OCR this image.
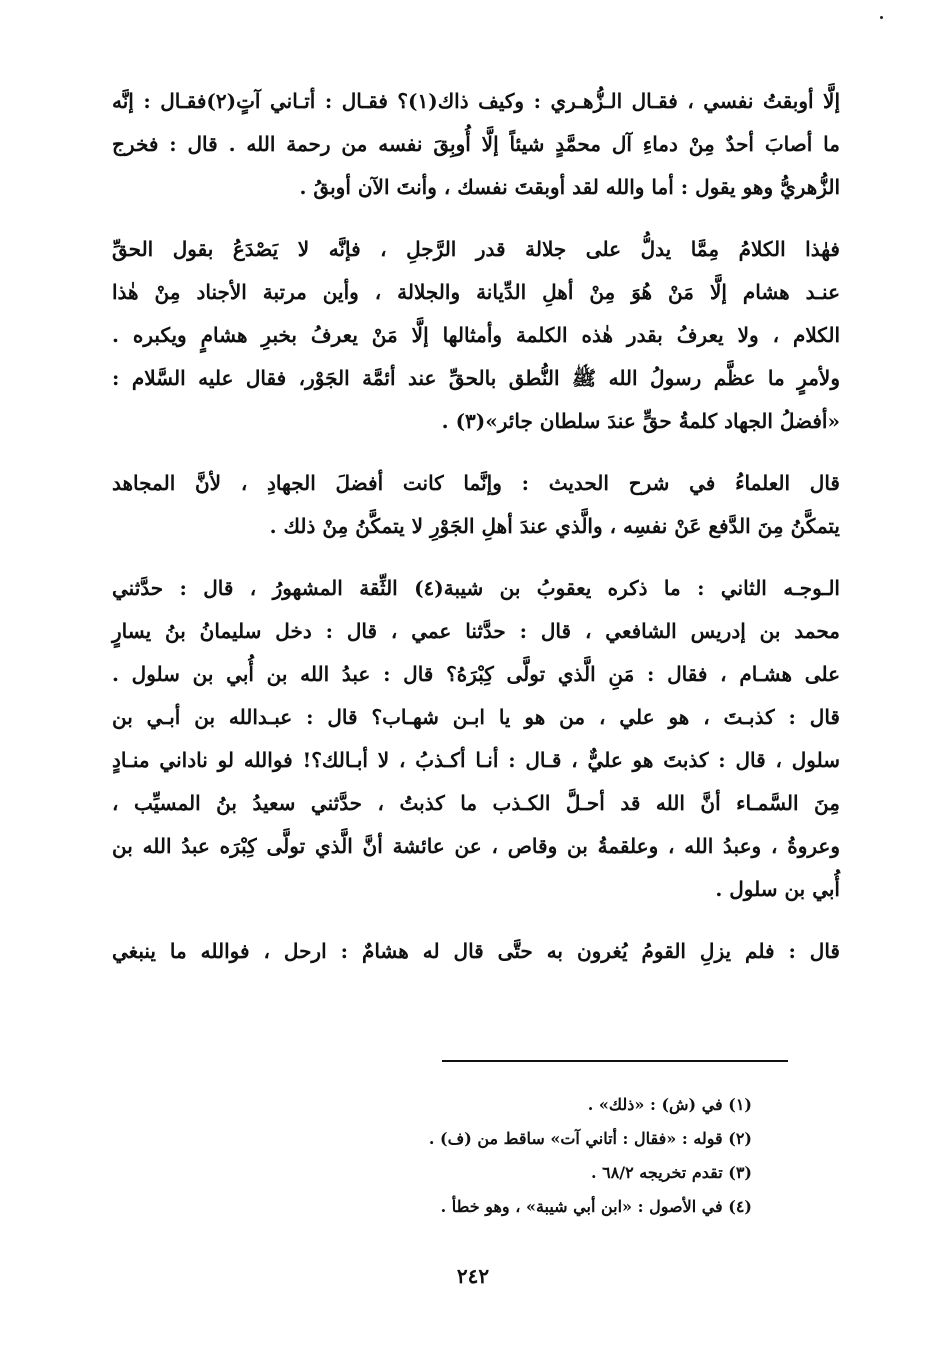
إلَّا أوبقتُ نفسي ، فقـال الـزُّهـري : وكيف ذاك(١)؟ فقـال : أتـاني آتٍ(٢)فقـال : إنَّه
ما أصابَ أحدٌ مِنْ دماءِ آل محمَّدٍ شيئاً إلَّا أُوبِقَ نفسه من رحمة الله . قال : فخرج
الزُّهريُّ وهو يقول : أما والله لقد أوبقتَ نفسك ، وأنتَ الآن أوبقُ .

فهٰذا الكلامُ مِمَّا يدلُّ على جلالة قدر الرَّجلِ ، فإنَّه لا يَصْدَعُ بقول الحقِّ
عنـد هشام إلَّا مَنْ هُوَ مِنْ أهلِ الدِّيانة والجلالة ، وأين مرتبة الأجناد مِنْ هٰذا
الكلام ، ولا يعرفُ بقدر هٰذه الكلمة وأمثالها إلَّا مَنْ يعرفُ بخبرِ هشامٍ ويكبره .
ولأمرٍ ما عظَّم رسولُ الله ﷺ النُّطق بالحقِّ عند أئمَّة الجَوْر، فقال عليه السَّلام :
«أفضلُ الجهاد كلمةُ حقٍّ عندَ سلطان جائر»(٣) .

قال العلماءُ في شرح الحديث : وإنَّما كانت أفضلَ الجهادِ ، لأنَّ المجاهد
يتمكَّنُ مِنَ الدَّفع عَنْ نفسِه ، والَّذي عندَ أهلِ الجَوْرِ لا يتمكَّنُ مِنْ ذلك .

الـوجـه الثاني : ما ذكره يعقوبُ بن شيبة(٤) الثِّقة المشهورُ ، قال : حدَّثني
محمد بن إدريس الشافعي ، قال : حدَّثنا عمي ، قال : دخل سليمانُ بنُ يسارٍ
على هشـام ، فقال : مَنِ الَّذي تولَّى كِبْرَهُ؟ قال : عبدُ الله بن أُبي بن سلول .
قال : كذبـتَ ، هو علي ، من هو يا ابـن شهـاب؟ قال : عبـدالله بن أبـي بن
سلول ، قال : كذبتَ هو عليٌّ ، قـال : أنـا أكـذبُ ، لا أبـالك؟! فوالله لو ناداني منـادٍ
مِنَ السَّمـاء أنَّ الله قد أحـلَّ الكـذب ما كذبتُ ، حدَّثني سعيدُ بنُ المسيِّب ،
وعروةُ ، وعبدُ الله ، وعلقمةُ بن وقاص ، عن عائشة أنَّ الَّذي تولَّى كِبْرَه عبدُ الله بن
أُبي بن سلول .

قال : فلم يزلِ القومُ يُغرون به حتَّى قال له هشامٌ : ارحل ، فوالله ما ينبغي

(١) في (ش) : «ذلك» .
(٢) قوله : «فقال : أتاني آت» ساقط من (ف) .
(٣) تقدم تخريجه ٦٨/٢ .
(٤) في الأصول : «ابن أبي شيبة» ، وهو خطأ .
٢٤٢
